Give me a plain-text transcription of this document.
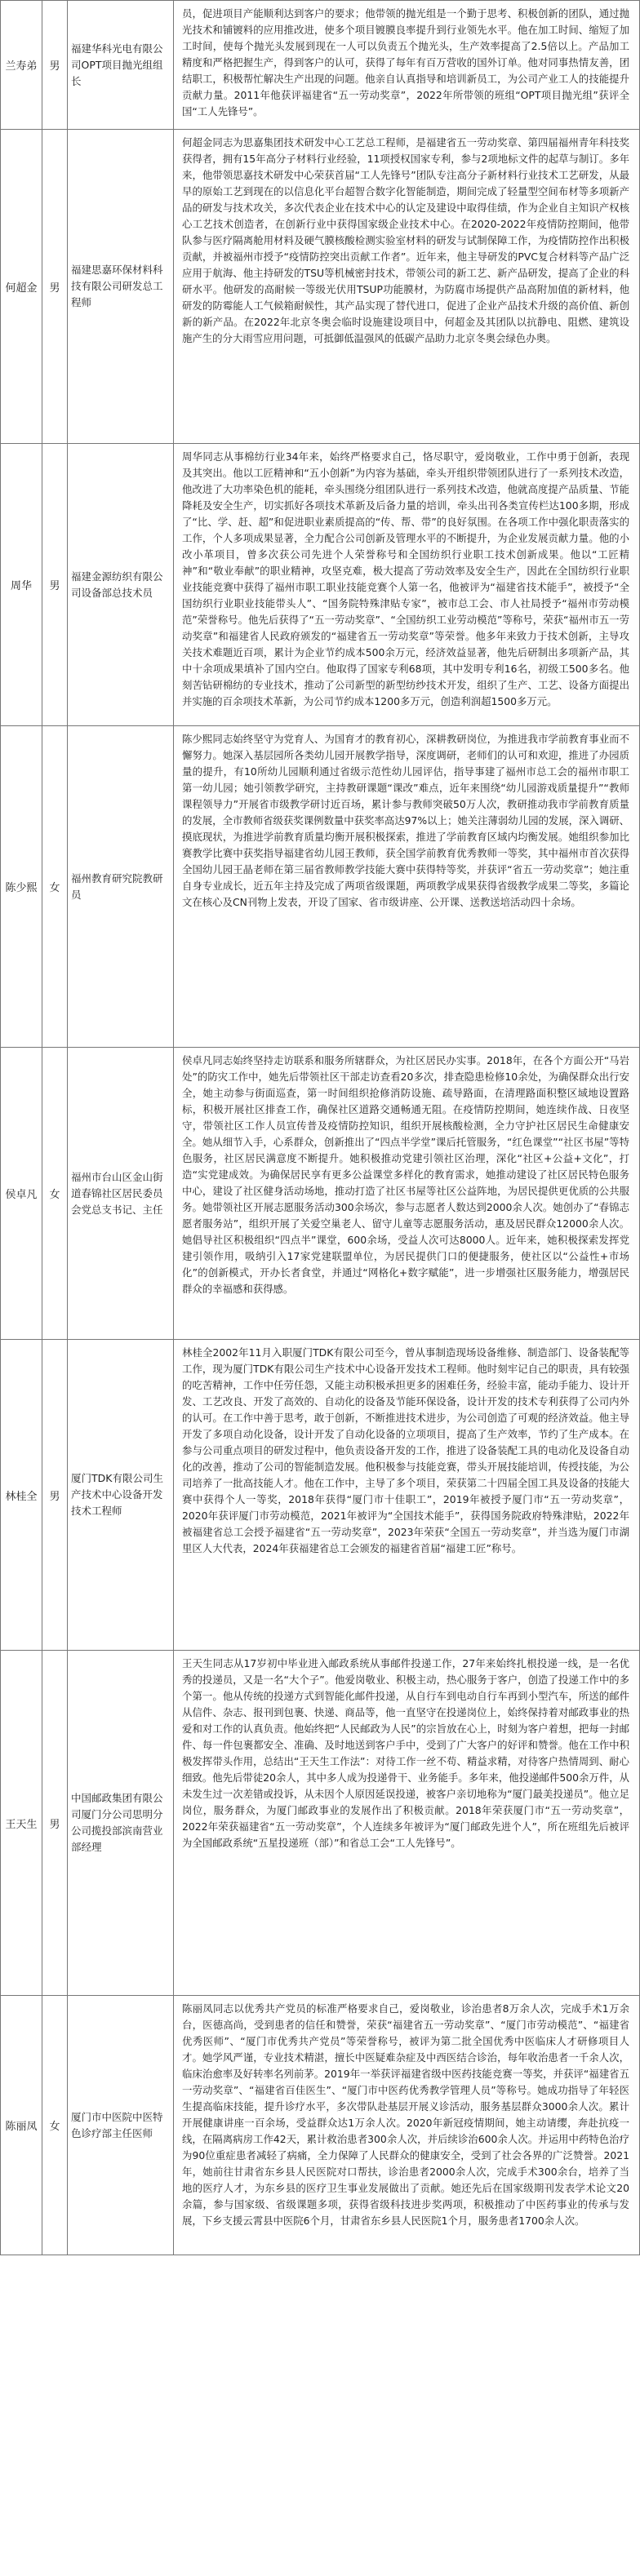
兰寿弟	男	福建华科光电有限公司OPT项目抛光组组长	员，促进项目产能顺利达到客户的要求；他带领的抛光组是一个勤于思考、积极创新的团队，通过抛光技术和铺镀料的应用推改进，使多个项目镀膜良率提升到行业领先水平。他在加工时间、缩短了加工时间，使每个抛光头发展到现在一人可以负责五个抛光头，生产效率提高了2.5倍以上。产品加工精度和严格把握生产，得到客户的认可，获得了每年有百万营收的国外订单。他对同事热情友善，团结职工，积极帮忙解决生产出现的问题。他亲自认真指导和培训新员工，为公司产业工人的技能提升贡献力量。2011年他获评福建省“五一劳动奖章”，2022年所带领的班组“OPT项目抛光组”获评全国“工人先锋号”。

何超金	男	福建思嘉环保材料科技有限公司研发总工程师	何超金同志为思嘉集团技术研发中心工艺总工程师，是福建省五一劳动奖章、第四届福州青年科技奖获得者，拥有15年高分子材料行业经验，11项授权国家专利，参与2项地标文件的起草与制订。多年来，他带领思嘉技术研发中心荣获首届“工人先锋号”团队专注高分子新材料行业技术工艺研发，从最早的原始工艺到现在的以信息化平台超智合数字化智能制造，期间完成了轻量型空间布材等多项新产品的研发与技术攻关，多次代表企业在技术中心的认定及建设中取得佳绩，作为企业自主知识产权核心工艺技术创造者，在创新行业中获得国家级企业技术中心。在2020-2022年疫情防控期间，他带队参与医疗隔离舱用材料及硬气膜核酸检测实验室材料的研发与试制保障工作，为疫情防控作出积极贡献，并被福州市授予“疫情防控突出贡献工作者”。近年来，他主导研发的PVC复合材料等产品广泛应用于航海、他主持研发的TSU等机械密封技术，带领公司的新工艺、新产品研发，提高了企业的科研水平。他研发的高耐候一等级光伏用TSUP功能膜材，为防腐市场提供产品高附加值的新材料，他研发的防霉能人工气候箱耐候性，其产品实现了替代进口，促进了企业产品技术升级的高价值、新创新的新产品。在2022年北京冬奥会临时设施建设项目中，何超金及其团队以抗静电、阻燃、建筑设施产生的分大雨雪应用问题，可抵御低温强风的低碳产品助力北京冬奥会绿色办奥。

周华	男	福建金源纺织有限公司设备部总技术员	周华同志从事棉纺行业34年来，始终严格要求自己，恪尽职守，爱岗敬业，工作中勇于创新，表现及其突出。他以工匠精神和“五小创新”为内容为基础，牵头开组织带领团队进行了一系列技术改造，他改进了大功率染色机的能耗，牵头围绕分组团队进行一系列技术改造，他就高度提产品质量、节能降耗及安全生产，切实抓好各项技术革新及后备力量的培训，牵头出刊各类宣传栏达100多期，形成了“比、学、赶、超”和促进职业素质提高的“传、帮、带”的良好氛围。在各项工作中强化职责落实的工作，个人多项成果显著，全力配合公司创新及管理水平的不断提升，为企业发展贡献力量。他的小改小革项目，曾多次获公司先进个人荣誉称号和全国纺织行业职工技术创新成果。他以“工匠精神”和“敬业奉献”的职业精神，攻坚克难，极大提高了劳动效率及安全生产，因此在全国纺织行业职业技能竞赛中获得了福州市职工职业技能竞赛个人第一名，他被评为“福建省技术能手”，被授予“全国纺织行业职业技能带头人”、“国务院特殊津贴专家”，被市总工会、市人社局授予“福州市劳动模范”荣誉称号。他先后获得了“五一劳动奖章”、“全国纺织工业劳动模范”等称号，荣获“福州市五一劳动奖章”和福建省人民政府颁发的“福建省五一劳动奖章”等荣誉。他多年来致力于技术创新，主导攻关技术难题近百项，累计为企业节约成本500余万元，经济效益显著，他先后研制出多项新产品，其中十余项成果填补了国内空白。他取得了国家专利68项，其中发明专利16名，初级工500多名。他刻苦钻研棉纺的专业技术，推动了公司新型的新型纺纱技术开发，组织了生产、工艺、设备方面提出并实施的百余项技术革新，为公司节约成本1200多万元，创造利润超1500多万元。

陈少熙	女	福州教育研究院教研员	陈少熙同志始终坚守为党育人、为国育才的教育初心，深耕教研岗位，为推进我市学前教育事业而不懈努力。她深入基层园所各类幼儿园开展教学指导，深度调研，老师们的认可和欢迎，推进了办园质量的提升，有10所幼儿园顺利通过省级示范性幼儿园评估，指导事建了福州市总工会的福州市职工第一幼儿园；她引领教学研究，主持教研课题“课改”难点，近年来围绕“幼儿园游戏质量提升”“教师课程领导力”开展省市级教学研讨近百场，累计参与教师突破50万人次，教研推动我市学前教育质量的发展，全市教师省级获奖课例数量中获奖率高达97%以上；她关注薄弱幼儿园的发展，深入调研、摸底现状，为推进学前教育质量均衡开展积极探索，推进了学前教育区域内均衡发展。她组织参加比赛教学比赛中获奖指导福建省幼儿园王教师，获全国学前教育优秀教师一等奖，其中福州市首次获得全国幼儿园王晶老师在第三届省教师教学技能大赛中获得特等奖，并获评“省五一劳动奖章”；她注重自身专业成长，近五年主持及完成了两项省级课题，两项教学成果获得省级教学成果二等奖，多篇论文在核心及CN刊物上发表，开设了国家、省市级讲座、公开课、送教送培活动四十余场。

侯卓凡	女	福州市台山区金山街道春锦社区居民委员会党总支书记、主任	侯卓凡同志始终坚持走访联系和服务所辖群众，为社区居民办实事。2018年，在各个方面公开“马岩处”的防灾工作中，她先后带领社区干部走访查看20多次，排查隐患检修10余处，为确保群众出行安全，她主动参与街面巡查，第一时间组织抢修消防设施、疏导路面，在清理路面积整区域地设置路标，积极开展社区排查工作，确保社区道路交通畅通无阻。在疫情防控期间，她连续作战、日夜坚守，带领社区工作人员宣传普及疫情防控知识，组织开展核酸检测，全力守护社区居民生命健康安全。她从细节入手，心系群众，创新推出了“四点半学堂”课后托管服务，“红色课堂”“社区书屋”等特色服务，社区居民满意度不断提升。她积极推动党建引领社区治理，深化“社区+公益+文化”，打造“实党建成效。为确保居民享有更多公益课堂多样化的教育需求，她推动建设了社区居民特色服务中心，建设了社区健身活动场地，推动打造了社区书屋等社区公益阵地，为居民提供更优质的公共服务。她带领社区开展志愿服务活动300余场次，参与志愿者人数达到2000余人次。她创办了“春锦志愿者服务站”，组织开展了关爱空巢老人、留守儿童等志愿服务活动，惠及居民群众12000余人次。她倡导社区积极组织“四点半”课堂，600余场，受益人次可达8000人。近年来，她积极探索发挥党建引领作用，吸纳引入17家党建联盟单位，为居民提供门口的便捷服务，使社区以“公益性+市场化”的创新模式，开办长者食堂，并通过“网格化+数字赋能”，进一步增强社区服务能力，增强居民群众的幸福感和获得感。

林桂全	男	厦门TDK有限公司生产技术中心设备开发技术工程师	林桂全2002年11月入职厦门TDK有限公司至今，曾从事制造现场设备维修、制造部门、设备装配等工作，现为厦门TDK有限公司生产技术中心设备开发技术工程师。他时刻牢记自己的职责，具有较强的吃苦精神，工作中任劳任怨，又能主动积极承担更多的困难任务，经验丰富，能动手能力、设计开发、工艺改良、开发了高效的、自动化的设备及节能环保设备，设计开发的技术专利获得了公司内外的认可。在工作中善于思考，敢于创新，不断推进技术进步，为公司创造了可观的经济效益。他主导开发了多项自动化设备，设计开发了自动化设备的立项项目，提高了生产效率，节约了生产成本。在参与公司重点项目的研发过程中，他负责设备开发的工作，推进了设备装配工具的电动化及设备自动化的改善，推动了公司的智能制造发展。他积极参与技能竞赛，带头开展技能培训，传授技能，为公司培养了一批高技能人才。他在工作中，主导了多个项目，荣获第二十四届全国工具及设备的技能大赛中获得个人一等奖，2018年获得“厦门市十佳职工”，2019年被授予厦门市“五一劳动奖章”，2020年获评厦门市劳动模范，2021年被评为“全国技术能手”，获得国务院政府特殊津贴，2022年被福建省总工会授予福建省“五一劳动奖章”，2023年荣获“全国五一劳动奖章”，并当选为厦门市湖里区人大代表，2024年获福建省总工会颁发的福建省首届“福建工匠”称号。

王天生	男	中国邮政集团有限公司厦门分公司思明分公司揽投部滨南营业部经理	王天生同志从17岁初中毕业进入邮政系统从事邮件投递工作，27年来始终扎根投递一线，是一名优秀的投递员，又是一名“大个子”。他爱岗敬业、积极主动，热心服务于客户，创造了投递工作中的多个第一。他从传统的投递方式到智能化邮件投递，从自行车到电动自行车再到小型汽车，所送的邮件从信件、杂志、报刊到包裹、快递、商品等，他一直坚守在投递岗位上，始终保持着对邮政事业的热爱和对工作的认真负责。他始终把“人民邮政为人民”的宗旨放在心上，时刻为客户着想，把每一封邮件、每一件包裹都安全、准确、及时地送到客户手中，受到了广大客户的好评和赞誉。他在工作中积极发挥带头作用，总结出“王天生工作法”：对待工作一丝不苟、精益求精，对待客户热情周到、耐心细致。他先后带徒20余人，其中多人成为投递骨干、业务能手。多年来，他投递邮件500余万件，从未发生过一次差错或投诉，从未因个人原因延误投递，被客户亲切地称为“厦门最美投递员”。他立足岗位，服务群众，为厦门邮政事业的发展作出了积极贡献。2018年荣获厦门市“五一劳动奖章”，2022年荣获福建省“五一劳动奖章”，个人连续多年被评为“厦门邮政先进个人”，所在班组先后被评为全国邮政系统“五星投递班（部）”和省总工会“工人先锋号”。

陈丽凤	女	厦门市中医院中医特色诊疗部主任医师	陈丽凤同志以优秀共产党员的标准严格要求自己，爱岗敬业，诊治患者8万余人次，完成手术1万余台，医德高尚，受到患者的信任和赞誉，荣获“福建省五一劳动奖章”、“厦门市劳动模范”、“福建省优秀医师”、“厦门市优秀共产党员”等荣誉称号，被评为第二批全国优秀中医临床人才研修项目人才。她学风严谨，专业技术精湛，擅长中医疑难杂症及中西医结合诊治，每年收治患者一千余人次，临床治愈率及好转率名列前茅。2019年一举获评福建省级中医药技能竞赛一等奖，并获评“福建省五一劳动奖章”、“福建省百佳医生”、“厦门市中医药优秀教学管理人员”等称号。她成功指导了年轻医生提高临床技能，提升诊疗水平，多次带队赴基层开展义诊活动，服务基层群众3000余人次。累计开展健康讲座一百余场，受益群众达1万余人次。2020年新冠疫情期间，她主动请缨，奔赴抗疫一线，在隔离病房工作42天，累计救治患者300余人次，并后续诊治600余人次。并运用中药特色治疗为90位重症患者减轻了病痛，全力保障了人民群众的健康安全，受到了社会各界的广泛赞誉。2021年，她前往甘肃省东乡县人民医院对口帮扶，诊治患者2000余人次，完成手术300余台，培养了当地的医疗人才，为东乡县的医疗卫生事业发展做出了贡献。她还先后在国家级期刊发表学术论文20余篇，参与国家级、省级课题多项，获得省级科技进步奖两项，积极推动了中医药事业的传承与发展，下乡支援云霄县中医院6个月，甘肃省东乡县人民医院1个月，服务患者1700余人次。
